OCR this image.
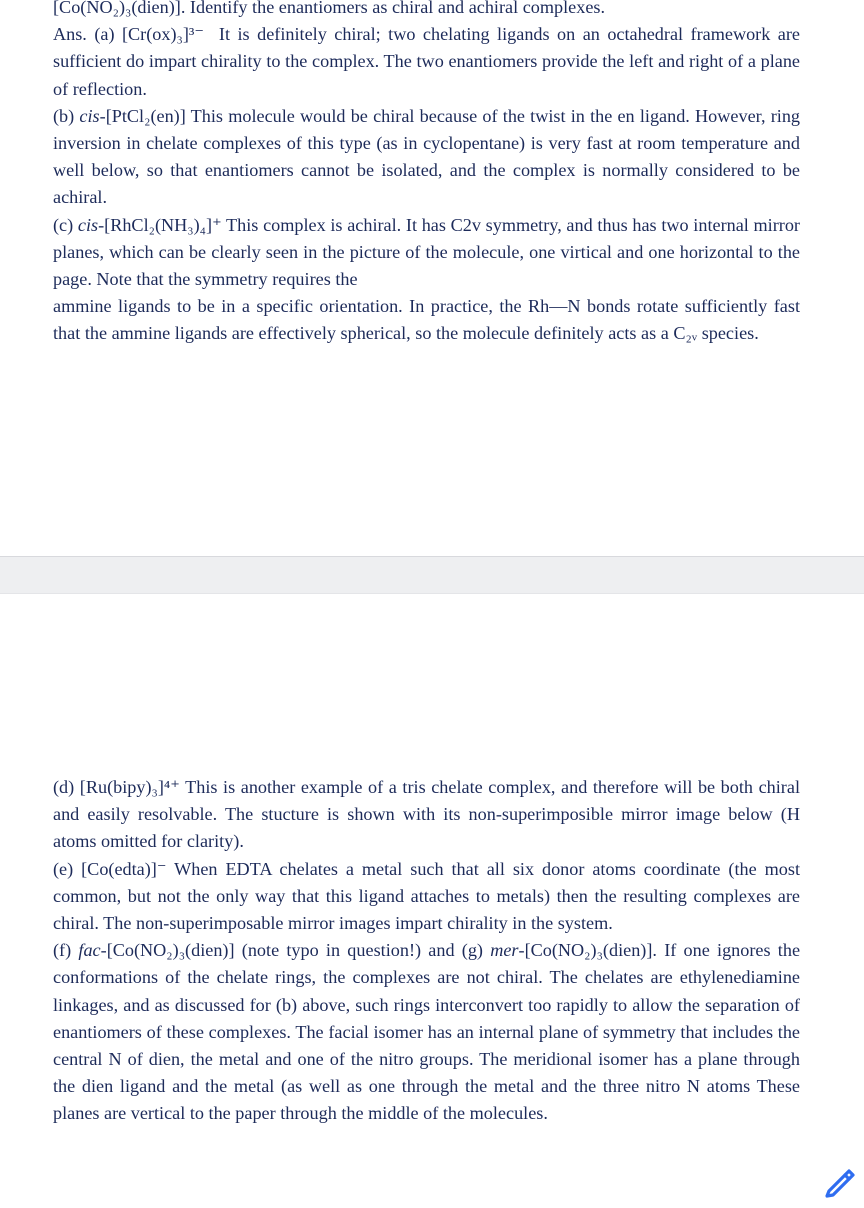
[Co(NO₂)₃(dien)]. Identify the enantiomers as chiral and achiral complexes.

Ans. (a) [Cr(ox)₃]³⁻ It is definitely chiral; two chelating ligands on an octahedral framework are sufficient do impart chirality to the complex. The two enantiomers provide the left and right of a plane of reflection.

(b) cis-[PtCl₂(en)] This molecule would be chiral because of the twist in the en ligand. However, ring inversion in chelate complexes of this type (as in cyclopentane) is very fast at room temperature and well below, so that enantiomers cannot be isolated, and the complex is normally considered to be achiral.

(c) cis-[RhCl₂(NH₃)₄]⁺ This complex is achiral. It has C2v symmetry, and thus has two internal mirror planes, which can be clearly seen in the picture of the molecule, one virtical and one horizontal to the page. Note that the symmetry requires the

ammine ligands to be in a specific orientation. In practice, the Rh—N bonds rotate sufficiently fast that the ammine ligands are effectively spherical, so the molecule definitely acts as a C₂ᵥ species.

(d) [Ru(bipy)₃]⁴⁺ This is another example of a tris chelate complex, and therefore will be both chiral and easily resolvable. The stucture is shown with its non-superimposible mirror image below (H atoms omitted for clarity).

(e) [Co(edta)]⁻ When EDTA chelates a metal such that all six donor atoms coordinate (the most common, but not the only way that this ligand attaches to metals) then the resulting complexes are chiral. The non-superimposable mirror images impart chirality in the system.

(f) fac-[Co(NO₂)₃(dien)] (note typo in question!) and (g) mer-[Co(NO₂)₃(dien)]. If one ignores the conformations of the chelate rings, the complexes are not chiral. The chelates are ethylenediamine linkages, and as discussed for (b) above, such rings interconvert too rapidly to allow the separation of enantiomers of these complexes. The facial isomer has an internal plane of symmetry that includes the central N of dien, the metal and one of the nitro groups. The meridional isomer has a plane through the dien ligand and the metal (as well as one through the metal and the three nitro N atoms These planes are vertical to the paper through the middle of the molecules.
